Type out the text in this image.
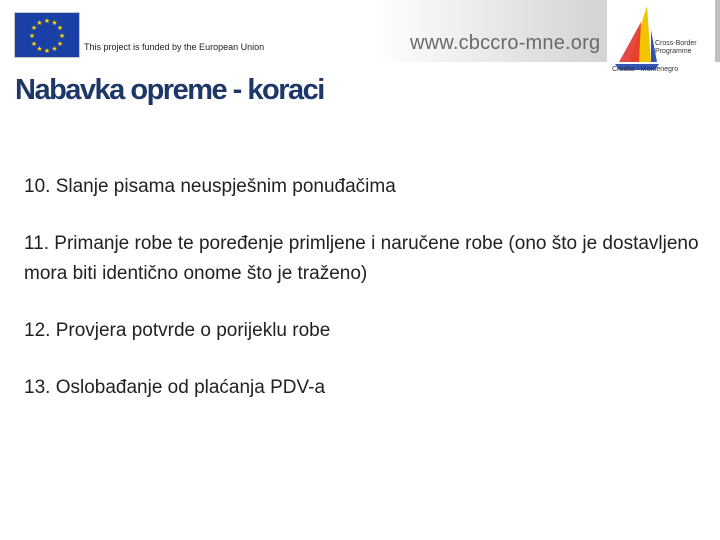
★ ★
★
★
★
★
★
★
★
★
★
★
This project is funded by the European Union	www.cbccro-mne.org	Cross-Border
Programme
Croatia - Montenegro
Nabavka opreme - koraci
10. Slanje pisama neuspješnim ponuđačima
11. Primanje robe te poređenje primljene i naručene robe (ono što je dostavljeno mora biti identično onome što je traženo)
12. Provjera potvrde o porijeklu robe
13. Oslobađanje od plaćanja PDV-a
